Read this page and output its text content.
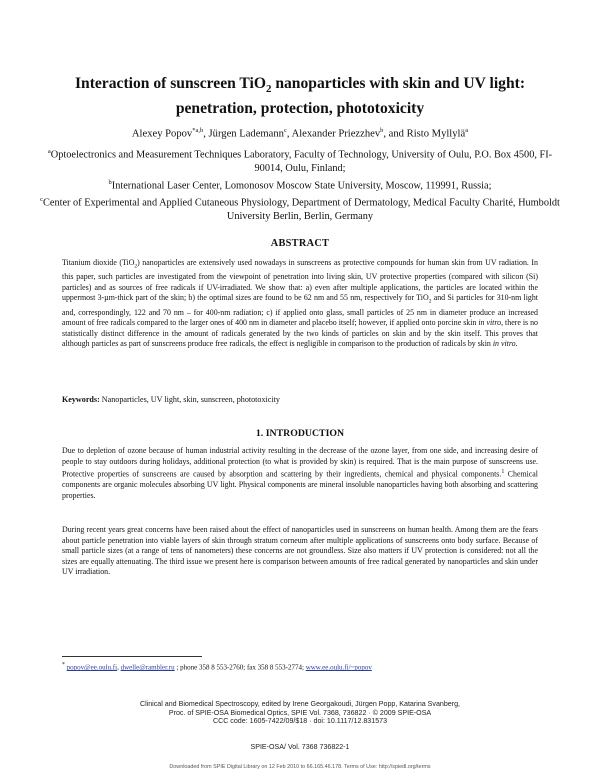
Interaction of sunscreen TiO$_2$ nanoparticles with skin and UV light:
penetration, protection, phototoxicity
Alexey Popov$^{*a,b}$, Jürgen Lademann$^c$, Alexander Priezzhev$^b$, and Risto Myllylä$^a$

$^a$Optoelectronics and Measurement Techniques Laboratory, Faculty of Technology, University of Oulu, P.O. Box 4500, FI-90014, Oulu, Finland;

$^b$International Laser Center, Lomonosov Moscow State University, Moscow, 119991, Russia;

$^c$Center of Experimental and Applied Cutaneous Physiology, Department of Dermatology, Medical Faculty Charité, Humboldt University Berlin, Berlin, Germany

ABSTRACT
Titanium dioxide (TiO$_2$) nanoparticles are extensively used nowadays in sunscreens as protective compounds for human skin from UV radiation. In this paper, such particles are investigated from the viewpoint of penetration into living skin, UV protective properties (compared with silicon (Si) particles) and as sources of free radicals if UV-irradiated. We show that: a) even after multiple applications, the particles are located within the uppermost 3-µm-thick part of the skin; b) the optimal sizes are found to be 62 nm and 55 nm, respectively for TiO$_2$ and Si particles for 310-nm light and, correspondingly, 122 and 70 nm – for 400-nm radiation; c) if applied onto glass, small particles of 25 nm in diameter produce an increased amount of free radicals compared to the larger ones of 400 nm in diameter and placebo itself; however, if applied onto porcine skin in vitro, there is no statistically distinct difference in the amount of radicals generated by the two kinds of particles on skin and by the skin itself. This proves that although particles as part of sunscreens produce free radicals, the effect is negligible in comparison to the production of radicals by skin in vitro.
Keywords: Nanoparticles, UV light, skin, sunscreen, phototoxicity
1. INTRODUCTION
Due to depletion of ozone because of human industrial activity resulting in the decrease of the ozone layer, from one side, and increasing desire of people to stay outdoors during holidays, additional protection (to what is provided by skin) is required. That is the main purpose of sunscreens use. Protective properties of sunscreens are caused by absorption and scattering by their ingredients, chemical and physical components.$^1$ Chemical components are organic molecules absorbing UV light. Physical components are mineral insoluble nanoparticles having both absorbing and scattering properties.
During recent years great concerns have been raised about the effect of nanoparticles used in sunscreens on human health. Among them are the fears about particle penetration into viable layers of skin through stratum corneum after multiple applications of sunscreens onto body surface. Because of small particle sizes (at a range of tens of nanometers) these concerns are not groundless. Size also matters if UV protection is considered: not all the sizes are equally attenuating. The third issue we present here is comparison between amounts of free radical generated by nanoparticles and skin under UV irradiation.
* popov@ee.oulu.fi, dwelle@rambler.ru ; phone 358 8 553-2760; fax 358 8 553-2774; www.ee.oulu.fi/~popov
Clinical and Biomedical Spectroscopy, edited by Irene Georgakoudi, Jürgen Popp, Katarina Svanberg,
Proc. of SPIE-OSA Biomedical Optics, SPIE Vol. 7368, 736822 · © 2009 SPIE-OSA
CCC code: 1605-7422/09/$18 · doi: 10.1117/12.831573
SPIE-OSA/ Vol. 7368 736822-1
Downloaded from SPIE Digital Library on 12 Feb 2010 to 66.165.46.178. Terms of Use: http://spiedl.org/terms
